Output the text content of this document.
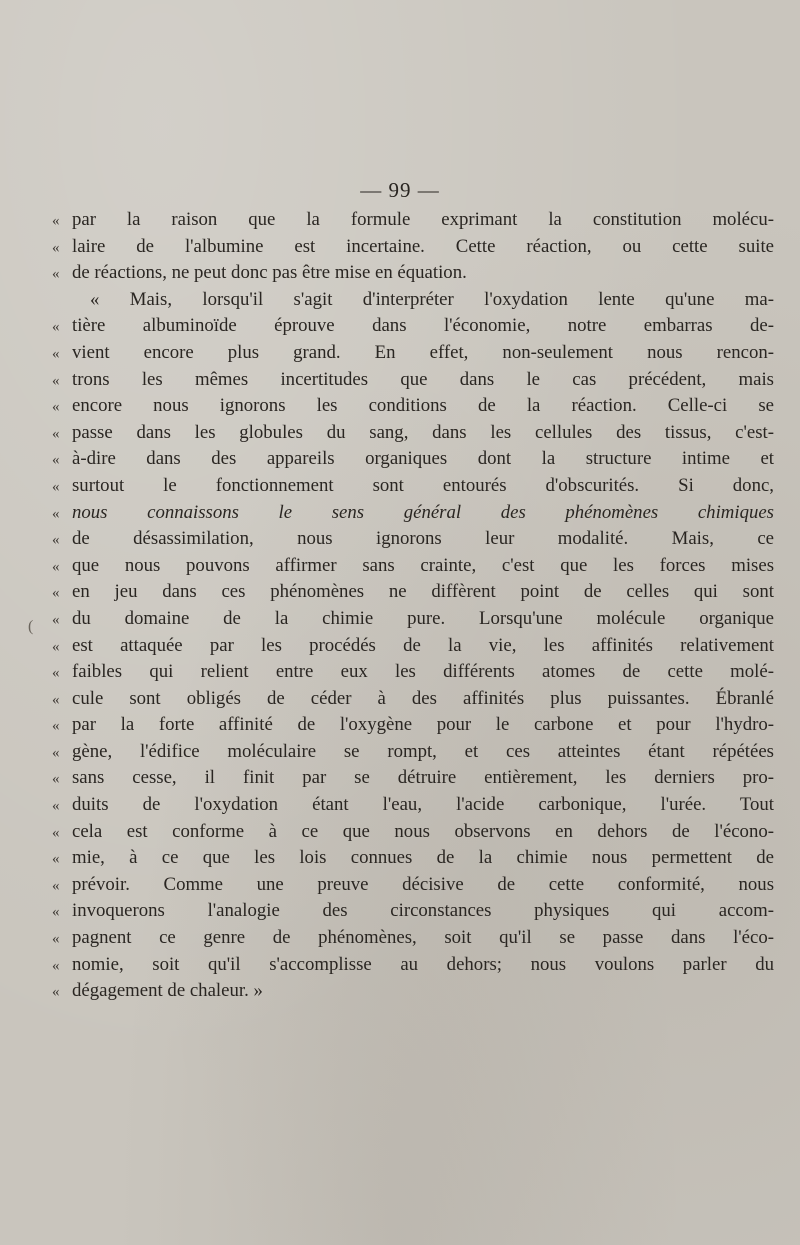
— 99 —
(
« par la raison que la formule exprimant la constitution molécu-
« laire de l'albumine est incertaine. Cette réaction, ou cette suite
« de réactions, ne peut donc pas être mise en équation.
« Mais, lorsqu'il s'agit d'interpréter l'oxydation lente qu'une ma-
« tière albuminoïde éprouve dans l'économie, notre embarras de-
« vient encore plus grand. En effet, non-seulement nous rencon-
« trons les mêmes incertitudes que dans le cas précédent, mais
« encore nous ignorons les conditions de la réaction. Celle-ci se
« passe dans les globules du sang, dans les cellules des tissus, c'est-
« à-dire dans des appareils organiques dont la structure intime et
« surtout le fonctionnement sont entourés d'obscurités. Si donc,
« nous connaissons le sens général des phénomènes chimiques
« de désassimilation, nous ignorons leur modalité. Mais, ce
« que nous pouvons affirmer sans crainte, c'est que les forces mises
« en jeu dans ces phénomènes ne diffèrent point de celles qui sont
« du domaine de la chimie pure. Lorsqu'une molécule organique
« est attaquée par les procédés de la vie, les affinités relativement
« faibles qui relient entre eux les différents atomes de cette molé-
« cule sont obligés de céder à des affinités plus puissantes. Ébranlé
« par la forte affinité de l'oxygène pour le carbone et pour l'hydro-
« gène, l'édifice moléculaire se rompt, et ces atteintes étant répétées
« sans cesse, il finit par se détruire entièrement, les derniers pro-
« duits de l'oxydation étant l'eau, l'acide carbonique, l'urée. Tout
« cela est conforme à ce que nous observons en dehors de l'écono-
« mie, à ce que les lois connues de la chimie nous permettent de
« prévoir. Comme une preuve décisive de cette conformité, nous
« invoquerons l'analogie des circonstances physiques qui accom-
« pagnent ce genre de phénomènes, soit qu'il se passe dans l'éco-
« nomie, soit qu'il s'accomplisse au dehors; nous voulons parler du
« dégagement de chaleur. »
